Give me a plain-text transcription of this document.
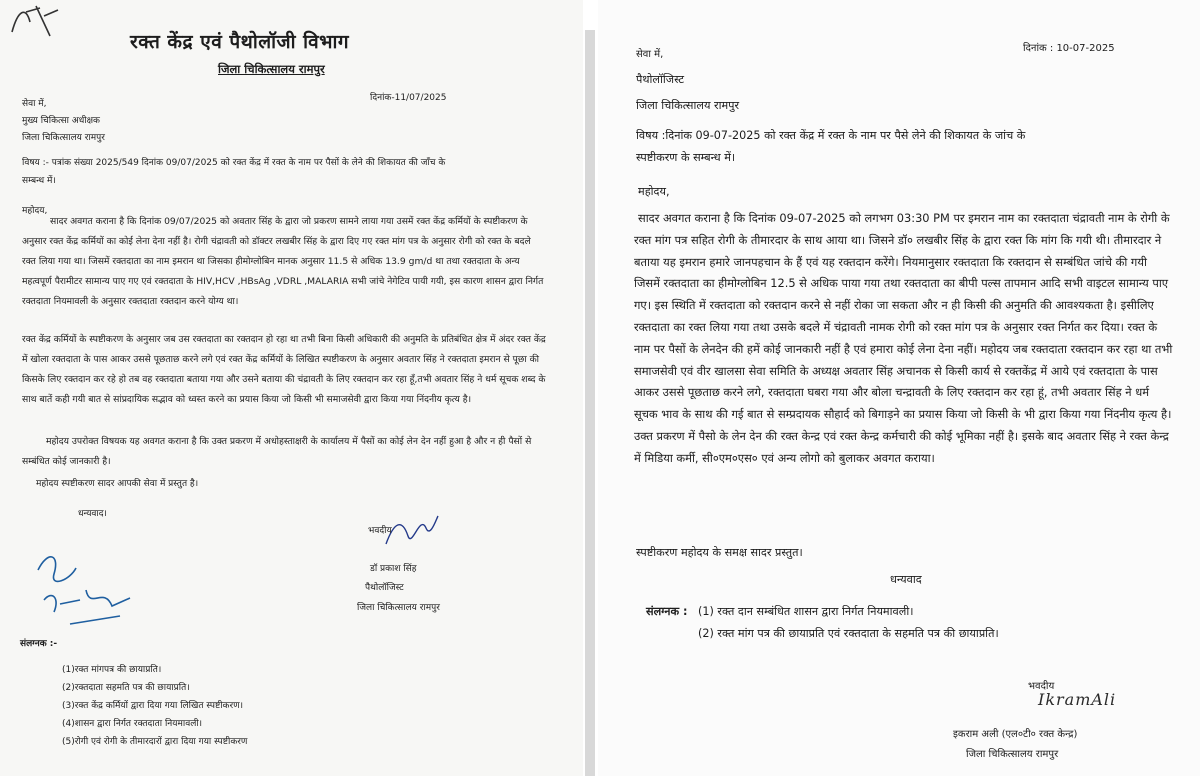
रक्त केंद्र एवं पैथोलॉजी विभाग
जिला चिकित्सालय रामपुर
दिनांक-11/07/2025
सेवा में,
मुख्य चिकित्सा अधीक्षक
जिला चिकित्सालय रामपुर
विषय :- पत्रांक संख्या 2025/549 दिनांक 09/07/2025 को रक्त केंद्र में रक्त के नाम पर पैसों के लेने की शिकायत की जाँच के
सम्बन्ध में।
महोदय,
सादर अवगत कराना है कि दिनांक 09/07/2025 को अवतार सिंह के द्वारा जो प्रकरण सामने लाया गया उसमें रक्त केंद्र कर्मियों के स्पष्टीकरण के अनुसार रक्त केंद्र कर्मियों का कोई लेना देना नहीं है। रोगी चंद्रावती को डॉक्टर लखबीर सिंह के द्वारा दिए गए रक्त मांग पत्र के अनुसार रोगी को रक्त के बदले रक्त लिया गया था। जिसमें रक्तदाता का नाम इमरान था जिसका हीमोग्लोबिन मानक अनुसार 11.5 से अधिक 13.9 gm/d था तथा रक्तदाता के अन्य महत्वपूर्ण पैरामीटर सामान्य पाए गए एवं रक्तदाता के HIV,HCV ,HBsAg ,VDRL ,MALARIA सभी जांचे नेगेटिव पायी गयी, इस कारण शासन द्वारा निर्गत रक्तदाता नियमावली के अनुसार रक्तदाता रक्तदान करने योग्य था।
रक्त केंद्र कर्मियों के स्पष्टीकरण के अनुसार जब उस रक्तदाता का रक्तदान हो रहा था तभी बिना किसी अधिकारी की अनुमति के प्रतिबंधित क्षेत्र में अंदर रक्त केंद्र में खोला रक्तदाता के पास आकर उससे पूछताछ करने लगे एवं रक्त केंद्र कर्मियों के लिखित स्पष्टीकरण के अनुसार अवतार सिंह ने रक्तदाता इमरान से पूछा की किसके लिए रक्तदान कर रहे हो तब वह रक्तदाता बताया गया और उसने बताया की चंद्रावती के लिए रक्तदान कर रहा हूँ,तभी अवतार सिंह ने धर्म सूचक शब्द के साथ बातें कही गयी बात से सांप्रदायिक सद्भाव को ध्वस्त करने का प्रयास किया जो किसी भी समाजसेवी द्वारा किया गया निंदनीय कृत्य है।
महोदय उपरोक्त विषयक यह अवगत कराना है कि उक्त प्रकरण में अधोहस्ताक्षरी के कार्यालय में पैसों का कोई लेन देन नहीं हुआ है और न ही पैसों से सम्बंधित कोई जानकारी है।
महोदय स्पष्टीकरण सादर आपकी सेवा में प्रस्तुत है।
धन्यवाद।
भवदीय
डॉ प्रकाश सिंह
पैथोलॉजिस्ट
जिला चिकित्सालय रामपुर
संलग्नक :-
(1)रक्त मांगपत्र की छायाप्रति।
(2)रक्तदाता सहमति पत्र की छायाप्रति।
(3)रक्त केंद्र कर्मियों द्वारा दिया गया लिखित स्पष्टीकरण।
(4)शासन द्वारा निर्गत रक्तदाता नियमावली।
(5)रोगी एवं रोगी के तीमारदारों द्वारा दिया गया स्पष्टीकरण
सेवा में,
दिनांक : 10-07-2025
पैथोलॉजिस्ट
जिला चिकित्सालय रामपुर
विषय :दिनांक 09-07-2025 को रक्त केंद्र में रक्त के नाम पर पैसे लेने की शिकायत के जांच के
स्पष्टीकरण के सम्बन्ध में।
महोदय,
सादर अवगत कराना है कि दिनांक 09-07-2025 को लगभग 03:30 PM पर इमरान नाम का रक्तदाता चंद्रावती नाम के रोगी के रक्त मांग पत्र सहित रोगी के तीमारदार के साथ आया था। जिसने डॉ० लखबीर सिंह के द्वारा रक्त कि मांग कि गयी थी। तीमारदार ने बताया यह इमरान हमारे जानपहचान के हैं एवं यह रक्तदान करेंगे। नियमानुसार रक्तदाता कि रक्तदान से सम्बंधित जांचे की गयी जिसमें रक्तदाता का हीमोग्लोबिन 12.5 से अधिक पाया गया तथा रक्तदाता का बीपी पल्स तापमान आदि सभी वाइटल सामान्य पाए गए। इस स्थिति में रक्तदाता को रक्तदान करने से नहीं रोका जा सकता और न ही किसी की अनुमति की आवश्यकता है। इसीलिए रक्तदाता का रक्त लिया गया तथा उसके बदले में चंद्रावती नामक रोगी को रक्त मांग पत्र के अनुसार रक्त निर्गत कर दिया। रक्त के नाम पर पैसों के लेनदेन की हमें कोई जानकारी नहीं है एवं हमारा कोई लेना देना नहीं। महोदय जब रक्तदाता रक्तदान कर रहा था तभी समाजसेवी एवं वीर खालसा सेवा समिति के अध्यक्ष अवतार सिंह अचानक से किसी कार्य से रक्तकेंद्र में आये एवं रक्तदाता के पास आकर उससे पूछताछ करने लगे, रक्तदाता घबरा गया और बोला चन्द्रावती के लिए रक्तदान कर रहा हूं, तभी अवतार सिंह ने धर्म सूचक भाव के साथ की गई बात से सम्प्रदायक सौहार्द को बिगाड़ने का प्रयास किया जो किसी के भी द्वारा किया गया निंदनीय कृत्य है। उक्त प्रकरण में पैसो के लेन देन की रक्त केन्द्र एवं रक्त केन्द्र कर्मचारी की कोई भूमिका नहीं है। इसके बाद अवतार सिंह ने रक्त केन्द्र में मिडिया कर्मी, सी०एम०एस० एवं अन्य लोगो को बुलाकर अवगत कराया।
स्पष्टीकरण महोदय के समक्ष सादर प्रस्तुत।
धन्यवाद
संलग्नक : (1) रक्त दान सम्बंधित शासन द्वारा निर्गत नियमावली।
(2) रक्त मांग पत्र की छायाप्रति एवं रक्तदाता के सहमति पत्र की छायाप्रति।
भवदीय
IkramAli
इकराम अली (एल०टी० रक्त केन्द्र)
जिला चिकित्सालय रामपुर
